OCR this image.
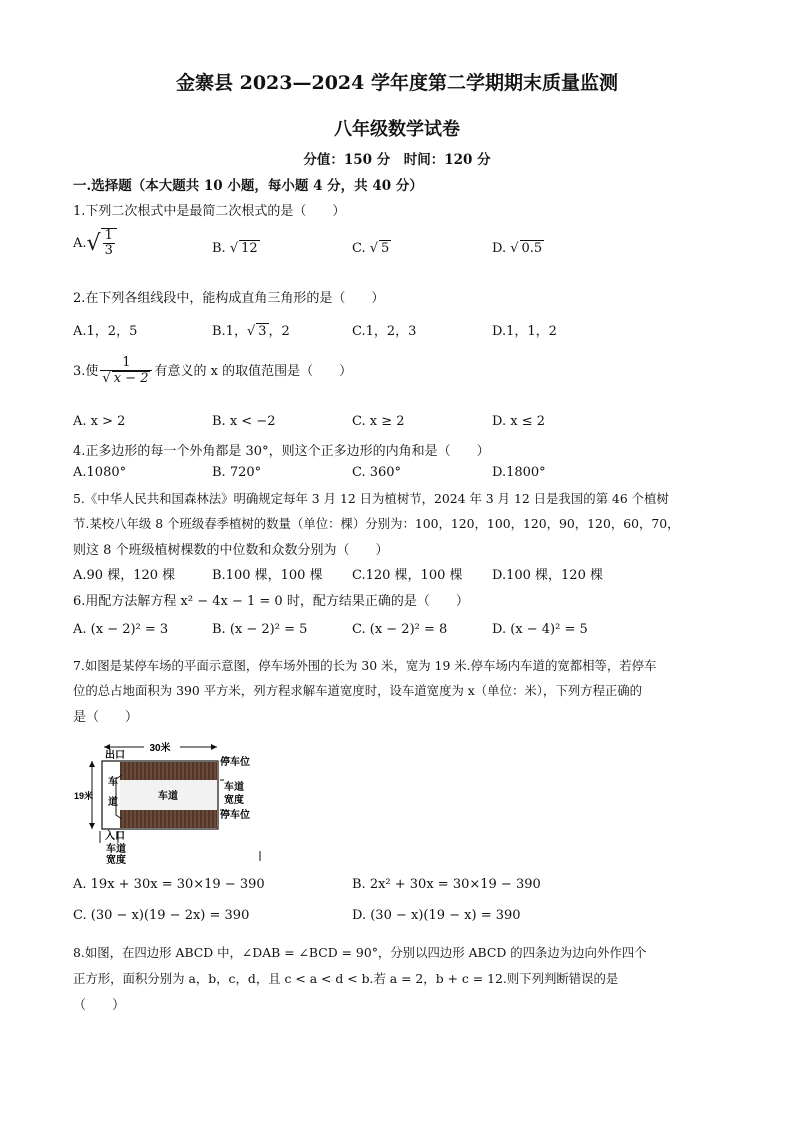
金寨县 2023—2024 学年度第二学期期末质量监测
八年级数学试卷
分值：150 分　时间：120 分
一.选择题（本大题共 10 小题，每小题 4 分，共 40 分）
1.下列二次根式中是最简二次根式的是（　　）
$A.√ \frac{1}{3}$	B. √ 12	C. √ 5	D. √ 0.5
2.在下列各组线段中，能构成直角三角形的是（　　）
A.1，2，5	B.1，√ 3 ，2	C.1，2，3	D.1，1，2
3.使 $\frac{1}{√ x - 2}$ 有意义的 x 的取值范围是（　　）
A. x > 2	B. x < −2	C. x ≥ 2	D. x ≤ 2
4.正多边形的每一个外角都是 30°，则这个正多边形的内角和是（　　）
A.1080°	B. 720°	C. 360°	D.1800°
5.《中华人民共和国森林法》明确规定每年 3 月 12 日为植树节，2024 年 3 月 12 日是我国的第 46 个植树
节.某校八年级 8 个班级春季植树的数量（单位：棵）分别为：100，120，100，120，90，120，60，70，
则这 8 个班级植树棵数的中位数和众数分别为（　　）
A.90 棵，120 棵	B.100 棵，100 棵 C.120 棵，100 棵 D.100 棵，120 棵
6.用配方法解方程 x² − 4x − 1 = 0 时，配方结果正确的是（　　）
A. (x − 2)² = 3	B. (x − 2)² = 5	C. (x − 2)² = 8	D. (x − 4)² = 5
7.如图是某停车场的平面示意图，停车场外围的长为 30 米，宽为 19 米.停车场内车道的宽都相等，若停车
位的总占地面积为 390 平方米，列方程求解车道宽度时，设车道宽度为 x（单位：米），下列方程正确的
是（　　）
30米
出口
车道
车
道
19米
入口
停车位
车道
宽度
停车位
车道
宽度
A. 19x + 30x = 30×19 − 390	B. 2x² + 30x = 30×19 − 390
C. (30 − x)(19 − 2x) = 390	D. (30 − x)(19 − x) = 390
8.如图，在四边形 ABCD 中，∠DAB = ∠BCD = 90°，分别以四边形 ABCD 的四条边为边向外作四个
正方形，面积分别为 a，b，c，d，且 c < a < d < b.若 a = 2，b + c = 12.则下列判断错误的是
（　　）
